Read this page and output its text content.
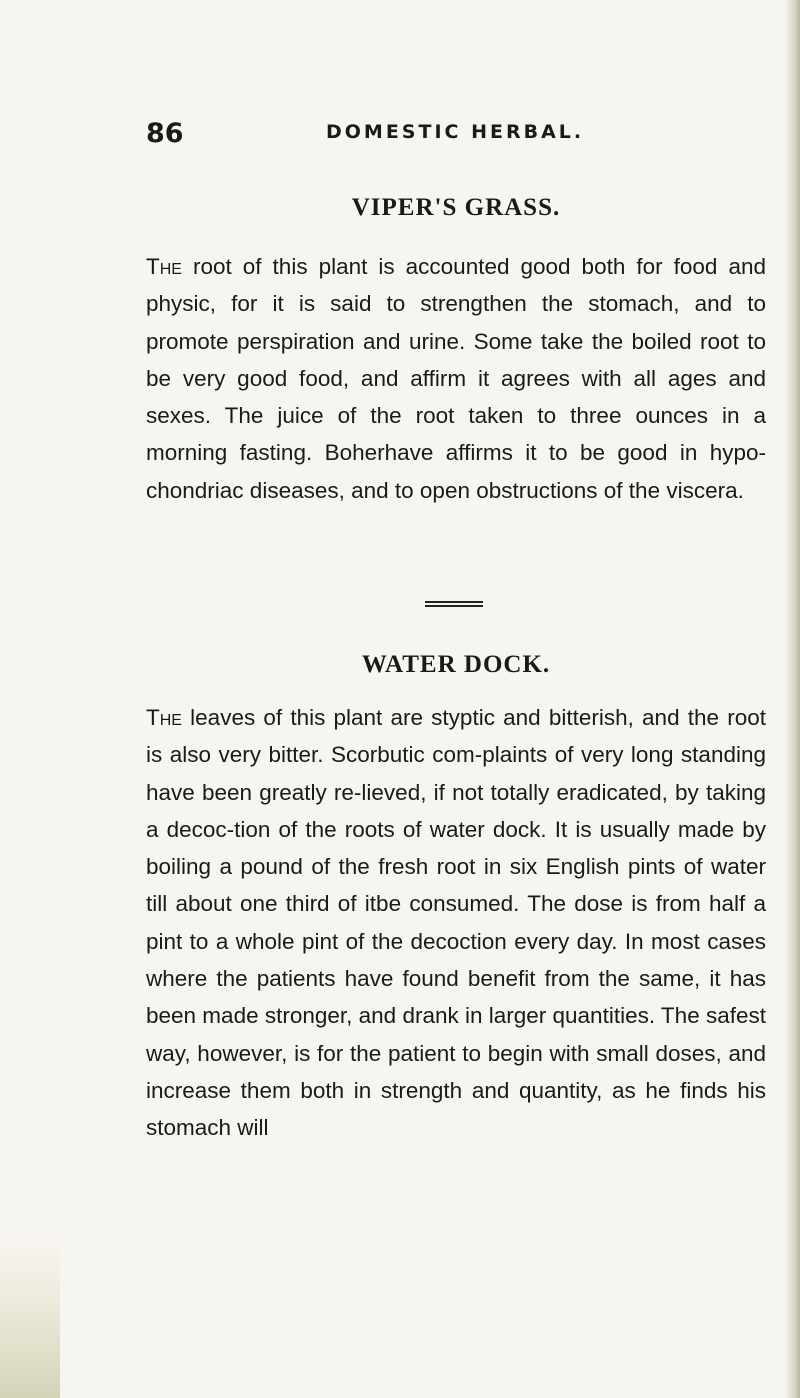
86	DOMESTIC HERBAL.
VIPER'S GRASS.

The root of this plant is accounted good both for food and physic, for it is said to strengthen the stomach, and to promote perspiration and urine. Some take the boiled root to be very good food, and affirm it agrees with all ages and sexes. The juice of the root taken to three ounces in a morning fasting. Boherhave affirms it to be good in hypo-chondriac diseases, and to open obstructions of the viscera.

WATER DOCK.

The leaves of this plant are styptic and bitterish, and the root is also very bitter. Scorbutic com-plaints of very long standing have been greatly re-lieved, if not totally eradicated, by taking a decoc-tion of the roots of water dock. It is usually made by boiling a pound of the fresh root in six English pints of water till about one third of itbe consumed. The dose is from half a pint to a whole pint of the decoction every day. In most cases where the patients have found benefit from the same, it has been made stronger, and drank in larger quantities. The safest way, however, is for the patient to begin with small doses, and increase them both in strength and quantity, as he finds his stomach will
